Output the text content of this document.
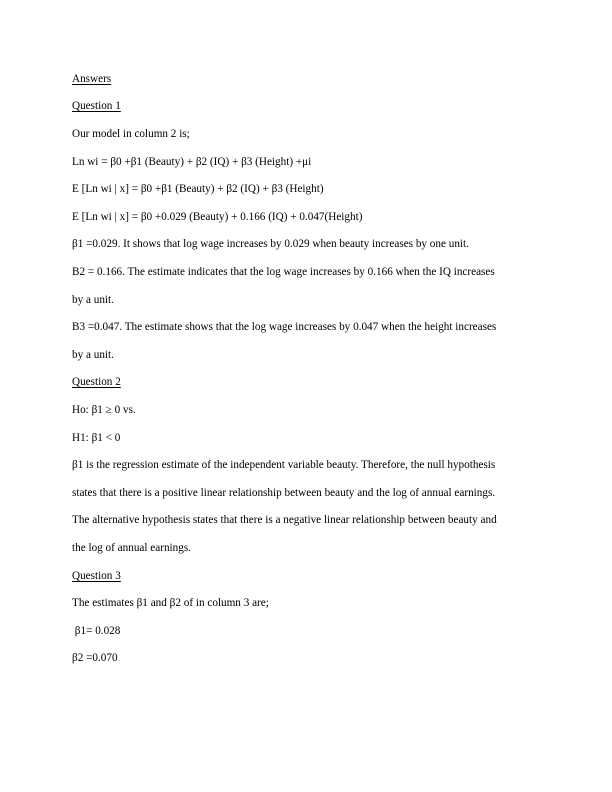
Answers
Question 1
Our model in column 2 is;
Ln wi = β0 +β1 (Beauty) + β2 (IQ) + β3 (Height) +μi
E [Ln wi | x] = β0 +β1 (Beauty) + β2 (IQ) + β3 (Height)
E [Ln wi | x] = β0 +0.029 (Beauty) + 0.166 (IQ) + 0.047(Height)
β1 =0.029. It shows that log wage increases by 0.029 when beauty increases by one unit.
B2 = 0.166. The estimate indicates that the log wage increases by 0.166 when the IQ increases
by a unit.
B3 =0.047. The estimate shows that the log wage increases by 0.047 when the height increases
by a unit.
Question 2
Ho: β1 ≥ 0 vs.
H1: β1 < 0
β1 is the regression estimate of the independent variable beauty. Therefore, the null hypothesis
states that there is a positive linear relationship between beauty and the log of annual earnings.
The alternative hypothesis states that there is a negative linear relationship between beauty and
the log of annual earnings.
Question 3
The estimates β1 and β2 of in column 3 are;
β1= 0.028
β2 =0.070
